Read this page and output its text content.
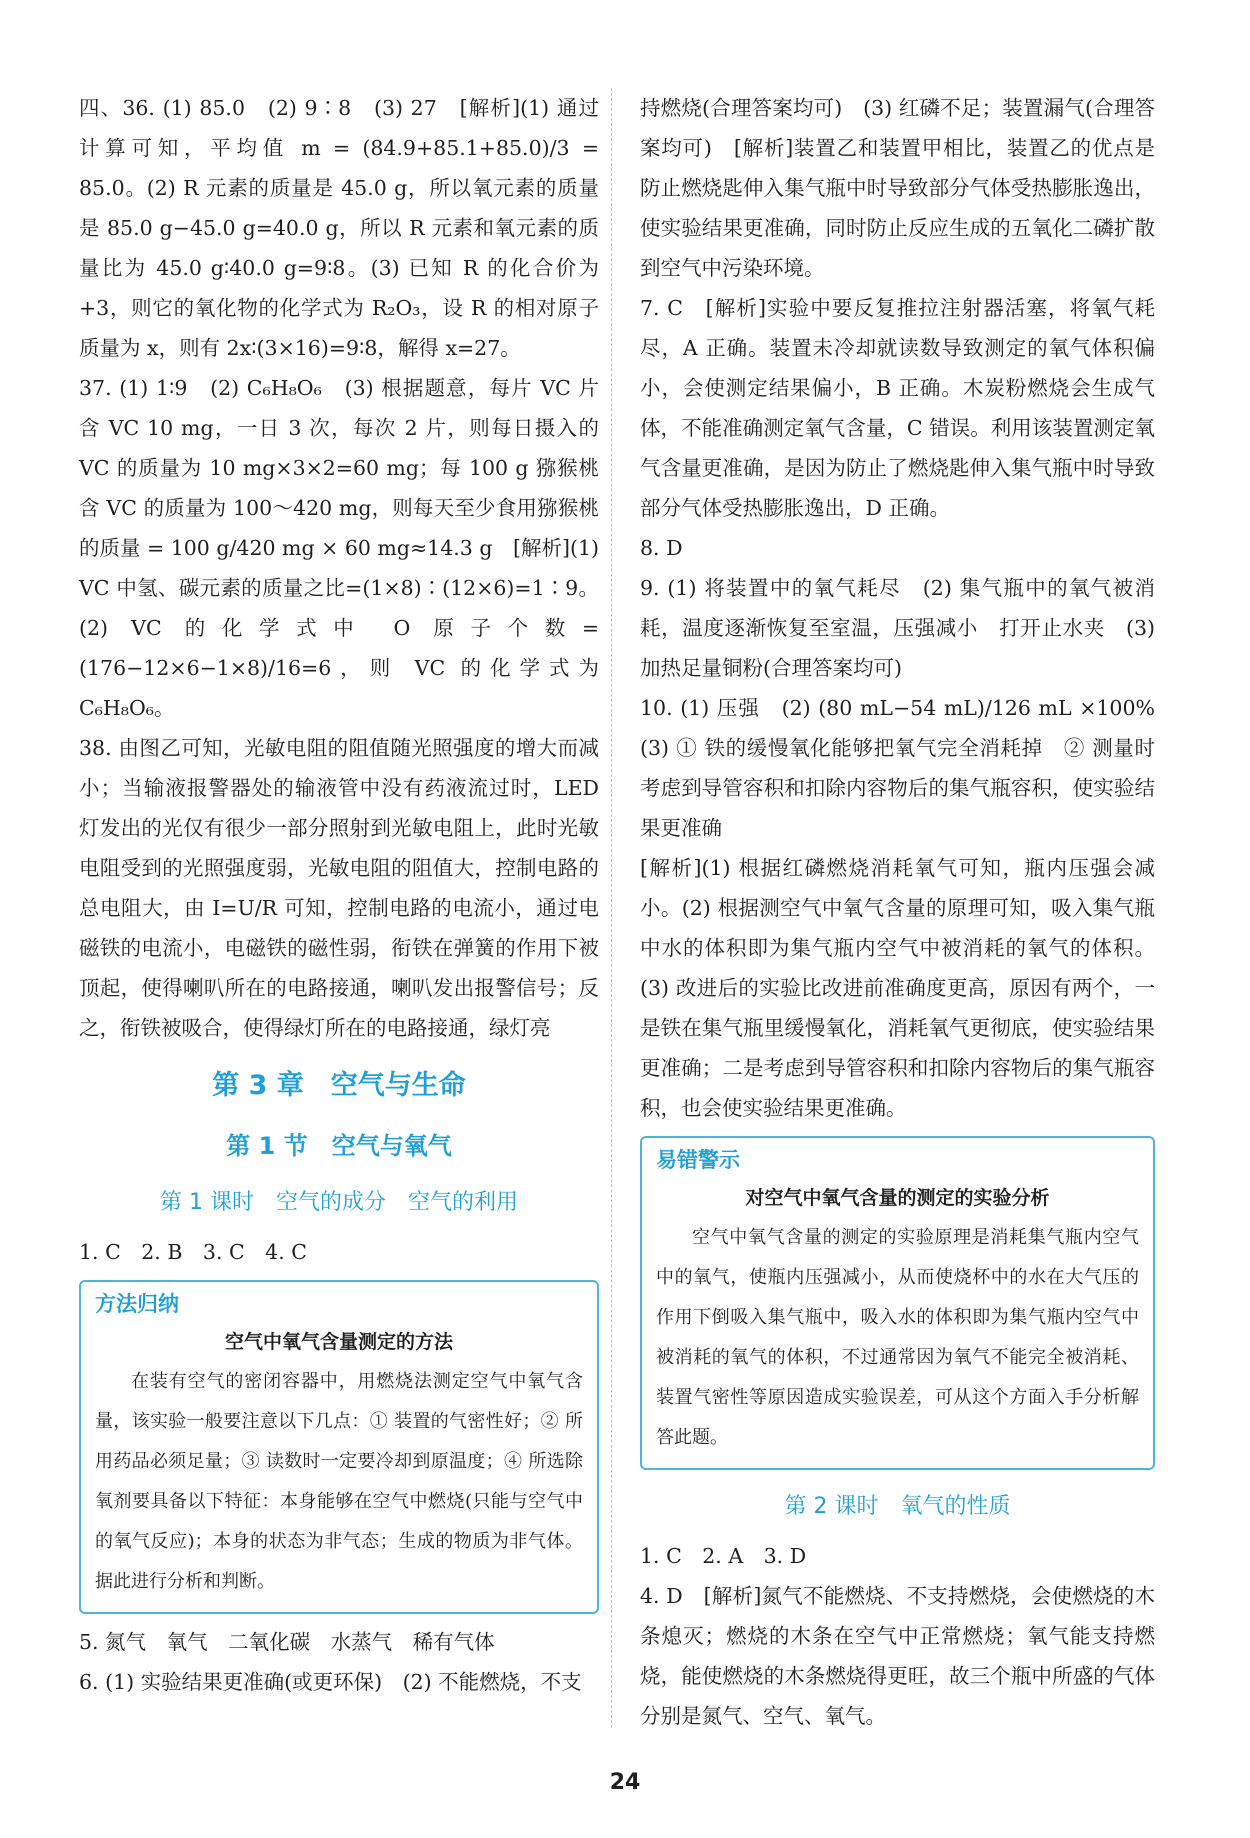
四、36. (1) 85.0　(2) 9∶8　(3) 27　[解析](1) 通过计算可知，平均值 m = (84.9+85.1+85.0)/3 = 85.0。(2) R 元素的质量是 45.0 g，所以氧元素的质量是 85.0 g−45.0 g=40.0 g，所以 R 元素和氧元素的质量比为 45.0 g∶40.0 g=9∶8。(3) 已知 R 的化合价为+3，则它的氧化物的化学式为 R₂O₃，设 R 的相对原子质量为 x，则有 2x∶(3×16)=9∶8，解得 x=27。

37. (1) 1∶9　(2) C₆H₈O₆　(3) 根据题意，每片 VC 片含 VC 10 mg，一日 3 次，每次 2 片，则每日摄入的 VC 的质量为 10 mg×3×2=60 mg；每 100 g 猕猴桃含 VC 的质量为 100～420 mg，则每天至少食用猕猴桃的质量 = 100 g/420 mg × 60 mg≈14.3 g　[解析](1) VC 中氢、碳元素的质量之比=(1×8)∶(12×6)=1∶9。(2) VC 的化学式中 O 原子个数=(176−12×6−1×8)/16=6，则 VC 的化学式为 C₆H₈O₆。

38. 由图乙可知，光敏电阻的阻值随光照强度的增大而减小；当输液报警器处的输液管中没有药液流过时，LED 灯发出的光仅有很少一部分照射到光敏电阻上，此时光敏电阻受到的光照强度弱，光敏电阻的阻值大，控制电路的总电阻大，由 I=U/R 可知，控制电路的电流小，通过电磁铁的电流小，电磁铁的磁性弱，衔铁在弹簧的作用下被顶起，使得喇叭所在的电路接通，喇叭发出报警信号；反之，衔铁被吸合，使得绿灯所在的电路接通，绿灯亮

第 3 章　空气与生命
第 1 节　空气与氧气
第 1 课时　空气的成分　空气的利用

1. C　2. B　3. C　4. C

方法归纳
空气中氧气含量测定的方法

在装有空气的密闭容器中，用燃烧法测定空气中氧气含量，该实验一般要注意以下几点：① 装置的气密性好；② 所用药品必须足量；③ 读数时一定要冷却到原温度；④ 所选除氧剂要具备以下特征：本身能够在空气中燃烧(只能与空气中的氧气反应)；本身的状态为非气态；生成的物质为非气体。据此进行分析和判断。

5. 氮气　氧气　二氧化碳　水蒸气　稀有气体

6. (1) 实验结果更准确(或更环保)　(2) 不能燃烧，不支

持燃烧(合理答案均可)　(3) 红磷不足；装置漏气(合理答案均可)　[解析]装置乙和装置甲相比，装置乙的优点是防止燃烧匙伸入集气瓶中时导致部分气体受热膨胀逸出，使实验结果更准确，同时防止反应生成的五氧化二磷扩散到空气中污染环境。

7. C　[解析]实验中要反复推拉注射器活塞，将氧气耗尽，A 正确。装置未冷却就读数导致测定的氧气体积偏小，会使测定结果偏小，B 正确。木炭粉燃烧会生成气体，不能准确测定氧气含量，C 错误。利用该装置测定氧气含量更准确，是因为防止了燃烧匙伸入集气瓶中时导致部分气体受热膨胀逸出，D 正确。

8. D

9. (1) 将装置中的氧气耗尽　(2) 集气瓶中的氧气被消耗，温度逐渐恢复至室温，压强减小　打开止水夹　(3) 加热足量铜粉(合理答案均可)

10. (1) 压强　(2) (80 mL−54 mL)/126 mL ×100%　(3) ① 铁的缓慢氧化能够把氧气完全消耗掉　② 测量时考虑到导管容积和扣除内容物后的集气瓶容积，使实验结果更准确

[解析](1) 根据红磷燃烧消耗氧气可知，瓶内压强会减小。(2) 根据测空气中氧气含量的原理可知，吸入集气瓶中水的体积即为集气瓶内空气中被消耗的氧气的体积。(3) 改进后的实验比改进前准确度更高，原因有两个，一是铁在集气瓶里缓慢氧化，消耗氧气更彻底，使实验结果更准确；二是考虑到导管容积和扣除内容物后的集气瓶容积，也会使实验结果更准确。

易错警示
对空气中氧气含量的测定的实验分析

空气中氧气含量的测定的实验原理是消耗集气瓶内空气中的氧气，使瓶内压强减小，从而使烧杯中的水在大气压的作用下倒吸入集气瓶中，吸入水的体积即为集气瓶内空气中被消耗的氧气的体积，不过通常因为氧气不能完全被消耗、装置气密性等原因造成实验误差，可从这个方面入手分析解答此题。

第 2 课时　氧气的性质

1. C　2. A　3. D

4. D　[解析]氮气不能燃烧、不支持燃烧，会使燃烧的木条熄灭；燃烧的木条在空气中正常燃烧；氧气能支持燃烧，能使燃烧的木条燃烧得更旺，故三个瓶中所盛的气体分别是氮气、空气、氧气。

24
